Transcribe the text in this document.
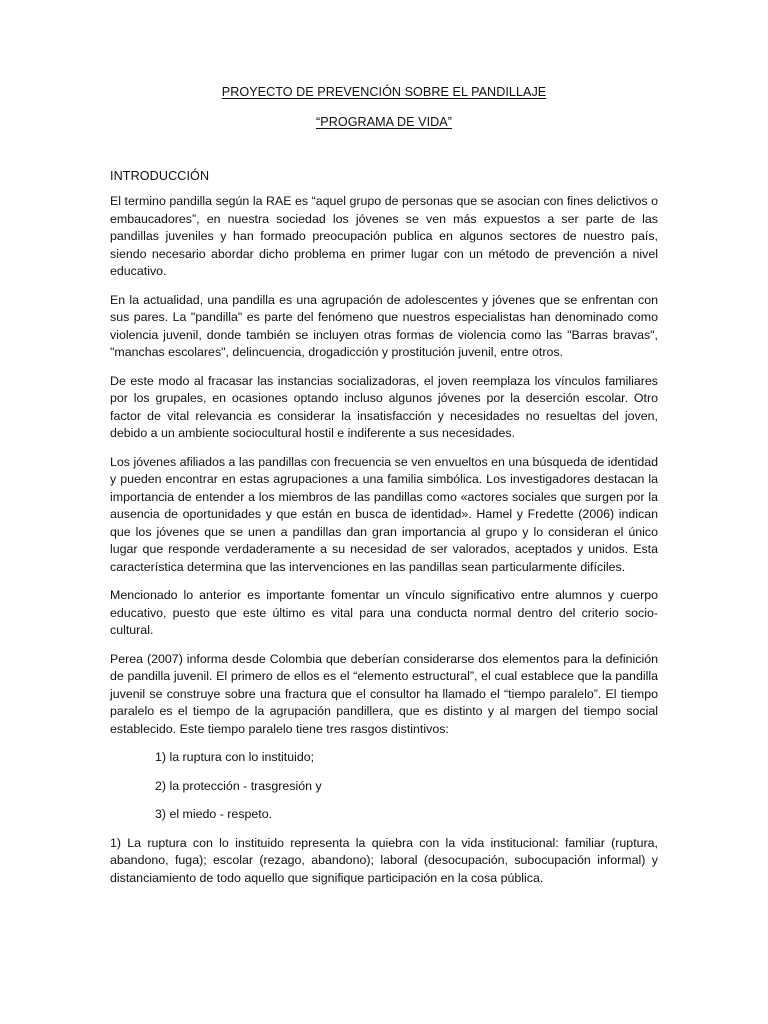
PROYECTO DE PREVENCIÓN SOBRE EL PANDILLAJE
“PROGRAMA DE VIDA”
INTRODUCCIÓN

El termino pandilla según la RAE es “aquel grupo de personas que se asocian con fines delictivos o embaucadores”, en nuestra sociedad los jóvenes se ven más expuestos a ser parte de las pandillas juveniles y han formado preocupación publica en algunos sectores de nuestro país, siendo necesario abordar dicho problema en primer lugar con un método de prevención a nivel educativo.

En la actualidad, una pandilla es una agrupación de adolescentes y jóvenes que se enfrentan con sus pares. La "pandilla" es parte del fenómeno que nuestros especialistas han denominado como violencia juvenil, donde también se incluyen otras formas de violencia como las "Barras bravas", "manchas escolares", delincuencia, drogadicción y prostitución juvenil, entre otros.

De este modo al fracasar las instancias socializadoras, el joven reemplaza los vínculos familiares por los grupales, en ocasiones optando incluso algunos jóvenes por la deserción escolar. Otro factor de vital relevancia es considerar la insatisfacción y necesidades no resueltas del joven, debido a un ambiente sociocultural hostil e indiferente a sus necesidades.

Los jóvenes afiliados a las pandillas con frecuencia se ven envueltos en una búsqueda de identidad y pueden encontrar en estas agrupaciones a una familia simbólica. Los investigadores destacan la importancia de entender a los miembros de las pandillas como «actores sociales que surgen por la ausencia de oportunidades y que están en busca de identidad». Hamel y Fredette (2006) indican que los jóvenes que se unen a pandillas dan gran importancia al grupo y lo consideran el único lugar que responde verdaderamente a su necesidad de ser valorados, aceptados y unidos. Esta característica determina que las intervenciones en las pandillas sean particularmente difíciles.

Mencionado lo anterior es importante fomentar un vínculo significativo entre alumnos y cuerpo educativo, puesto que este último es vital para una conducta normal dentro del criterio socio-cultural.

Perea (2007) informa desde Colombia que deberían considerarse dos elementos para la definición de pandilla juvenil. El primero de ellos es el “elemento estructural”, el cual establece que la pandilla juvenil se construye sobre una fractura que el consultor ha llamado el “tiempo paralelo”. El tiempo paralelo es el tiempo de la agrupación pandillera, que es distinto y al margen del tiempo social establecido. Este tiempo paralelo tiene tres rasgos distintivos:

1) la ruptura con lo instituido;
2) la protección - trasgresión y
3) el miedo - respeto.

1) La ruptura con lo instituido representa la quiebra con la vida institucional: familiar (ruptura, abandono, fuga); escolar (rezago, abandono); laboral (desocupación, subocupación informal) y distanciamiento de todo aquello que signifique participación en la cosa pública.
